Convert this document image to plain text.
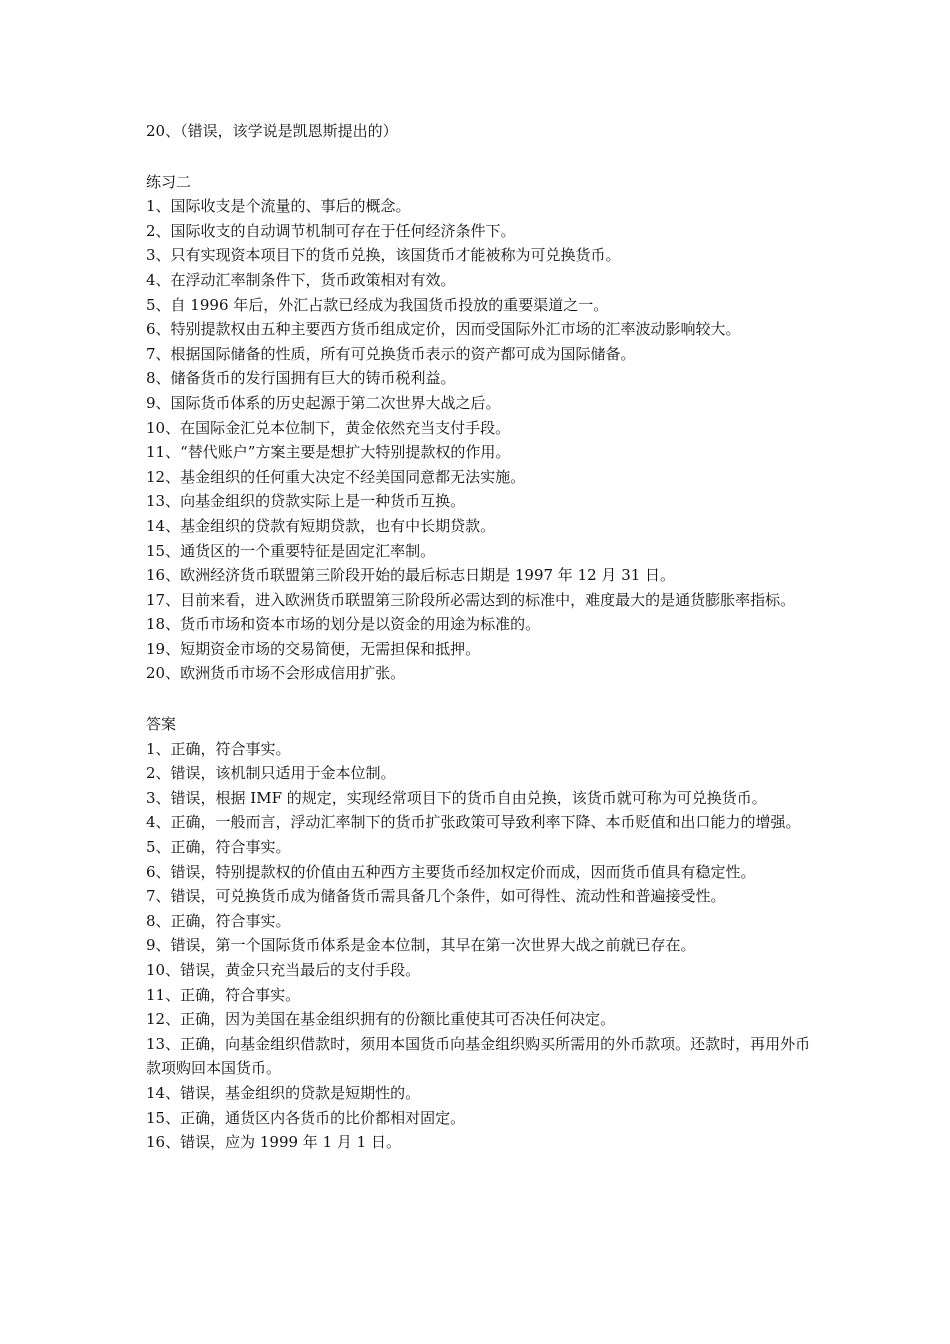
20、（错误，该学说是凯恩斯提出的）
练习二
1、国际收支是个流量的、事后的概念。
2、国际收支的自动调节机制可存在于任何经济条件下。
3、只有实现资本项目下的货币兑换，该国货币才能被称为可兑换货币。
4、在浮动汇率制条件下，货币政策相对有效。
5、自 1996 年后，外汇占款已经成为我国货币投放的重要渠道之一。
6、特别提款权由五种主要西方货币组成定价，因而受国际外汇市场的汇率波动影响较大。
7、根据国际储备的性质，所有可兑换货币表示的资产都可成为国际储备。
8、储备货币的发行国拥有巨大的铸币税利益。
9、国际货币体系的历史起源于第二次世界大战之后。
10、在国际金汇兑本位制下，黄金依然充当支付手段。
11、“替代账户”方案主要是想扩大特别提款权的作用。
12、基金组织的任何重大决定不经美国同意都无法实施。
13、向基金组织的贷款实际上是一种货币互换。
14、基金组织的贷款有短期贷款，也有中长期贷款。
15、通货区的一个重要特征是固定汇率制。
16、欧洲经济货币联盟第三阶段开始的最后标志日期是 1997 年 12 月 31 日。
17、目前来看，进入欧洲货币联盟第三阶段所必需达到的标准中，难度最大的是通货膨胀率指标。
18、货币市场和资本市场的划分是以资金的用途为标准的。
19、短期资金市场的交易简便，无需担保和抵押。
20、欧洲货币市场不会形成信用扩张。
答案
1、正确，符合事实。
2、错误，该机制只适用于金本位制。
3、错误，根据 IMF 的规定，实现经常项目下的货币自由兑换，该货币就可称为可兑换货币。
4、正确，一般而言，浮动汇率制下的货币扩张政策可导致利率下降、本币贬值和出口能力的增强。
5、正确，符合事实。
6、错误，特别提款权的价值由五种西方主要货币经加权定价而成，因而货币值具有稳定性。
7、错误，可兑换货币成为储备货币需具备几个条件，如可得性、流动性和普遍接受性。
8、正确，符合事实。
9、错误，第一个国际货币体系是金本位制，其早在第一次世界大战之前就已存在。
10、错误，黄金只充当最后的支付手段。
11、正确，符合事实。
12、正确，因为美国在基金组织拥有的份额比重使其可否决任何决定。
13、正确，向基金组织借款时，须用本国货币向基金组织购买所需用的外币款项。还款时，再用外币款项购回本国货币。
14、错误，基金组织的贷款是短期性的。
15、正确，通货区内各货币的比价都相对固定。
16、错误，应为 1999 年 1 月 1 日。
